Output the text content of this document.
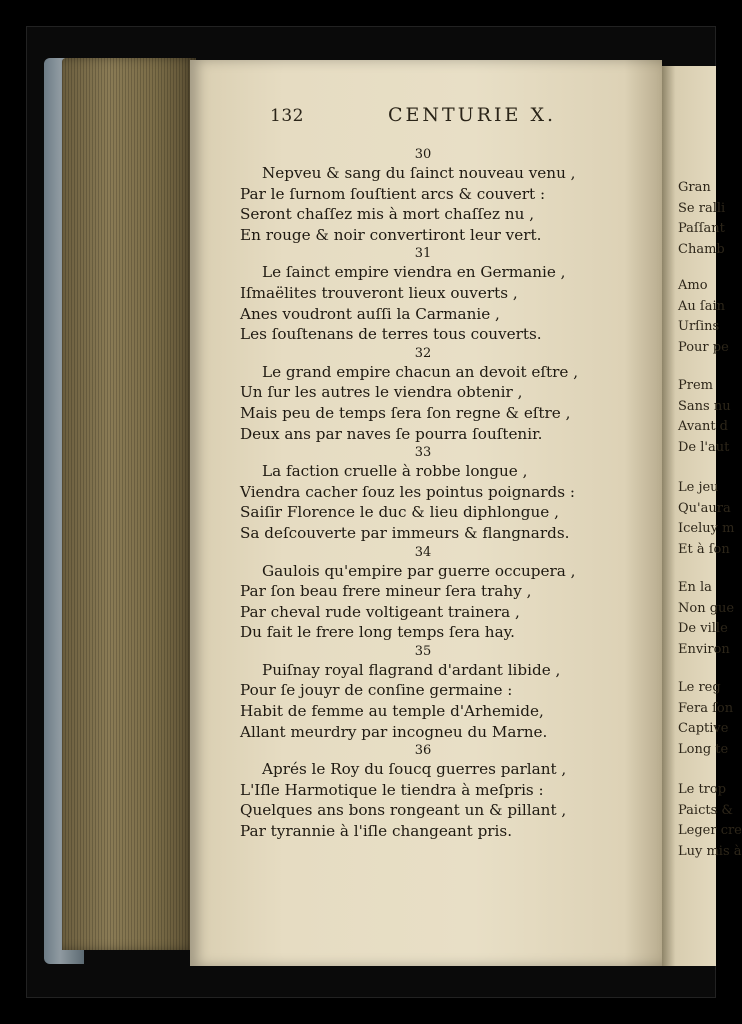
Gran
Se ralli
Paſſant
Chamb
Amo
Au ſain
Urſins
Pour pe
Prem
Sans nu
Avant d
De l'aut
Le jeu
Qu'aura
Iceluy m
Et à ſon
En la
Non gue
De ville
Environ
Le reg
Fera ſon
Captive
Long te
Le trop
Paicts &
Leger cre
Luy mis à
132	CENTURIE X.
30
Nepveu & sang du ſainct nouveau venu ,
Par le ſurnom ſouſtient arcs & couvert :
Seront chaſſez mis à mort chaſſez nu ,
En rouge & noir convertiront leur vert.
31
Le ſainct empire viendra en Germanie ,
Iſmaëlites trouveront lieux ouverts ,
Anes voudront auſſi la Carmanie ,
Les ſouſtenans de terres tous couverts.
32
Le grand empire chacun an devoit eſtre ,
Un ſur les autres le viendra obtenir ,
Mais peu de temps ſera ſon regne & eſtre ,
Deux ans par naves ſe pourra ſouſtenir.
33
La faction cruelle à robbe longue ,
Viendra cacher ſouz les pointus poignards :
Saiſir Florence le duc & lieu diphlongue ,
Sa deſcouverte par immeurs & flangnards.
34
Gaulois qu'empire par guerre occupera ,
Par ſon beau frere mineur ſera trahy ,
Par cheval rude voltigeant trainera ,
Du fait le frere long temps ſera hay.
35
Puiſnay royal flagrand d'ardant libide ,
Pour ſe jouyr de conſine germaine :
Habit de femme au temple d'Arhemide,
Allant meurdry par incogneu du Marne.
36
Aprés le Roy du ſoucq guerres parlant ,
L'Iſle Harmotique le tiendra à meſpris :
Quelques ans bons rongeant un & pillant ,
Par tyrannie à l'iſle changeant pris.
